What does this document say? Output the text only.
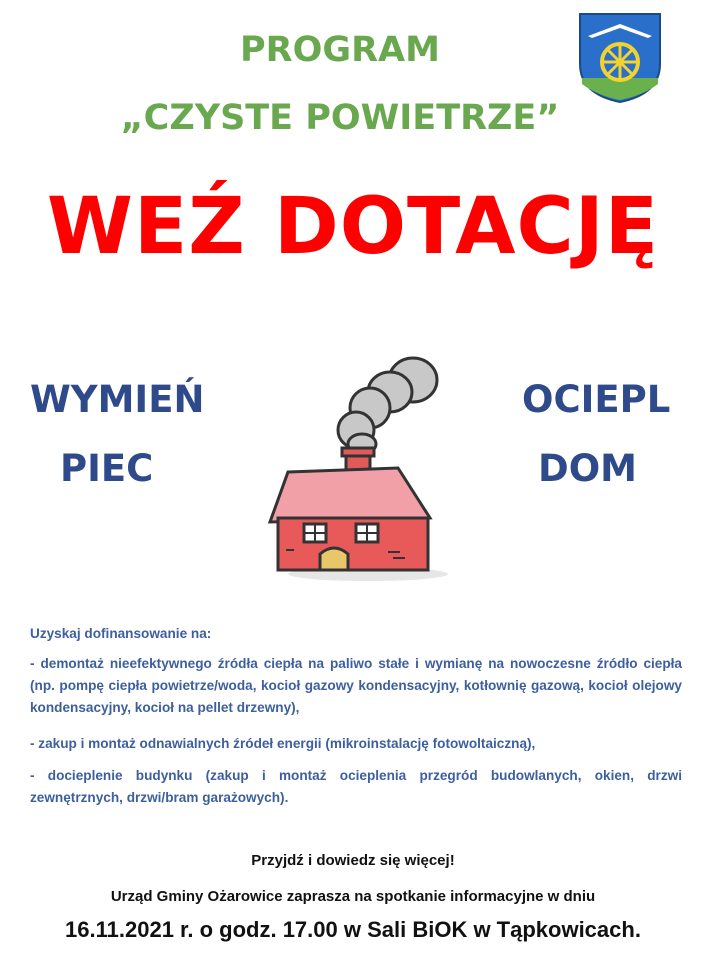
PROGRAM
„CZYSTE POWIETRZE”
WEŹ DOTACJĘ
WYMIEŃ
PIEC
OCIEPL
DOM
Uzyskaj dofinansowanie na:
- demontaż nieefektywnego źródła ciepła na paliwo stałe i wymianę na nowoczesne źródło ciepła (np. pompę ciepła powietrze/woda, kocioł gazowy kondensacyjny, kotłownię gazową, kocioł olejowy kondensacyjny, kocioł na pellet drzewny),
- zakup i montaż odnawialnych źródeł energii (mikroinstalację fotowoltaiczną),
- docieplenie budynku (zakup i montaż ocieplenia przegród budowlanych, okien, drzwi zewnętrznych, drzwi/bram garażowych).
Przyjdź i dowiedz się więcej!
Urząd Gminy Ożarowice zaprasza na spotkanie informacyjne w dniu
16.11.2021 r. o godz. 17.00 w Sali BiOK w Tąpkowicach.
